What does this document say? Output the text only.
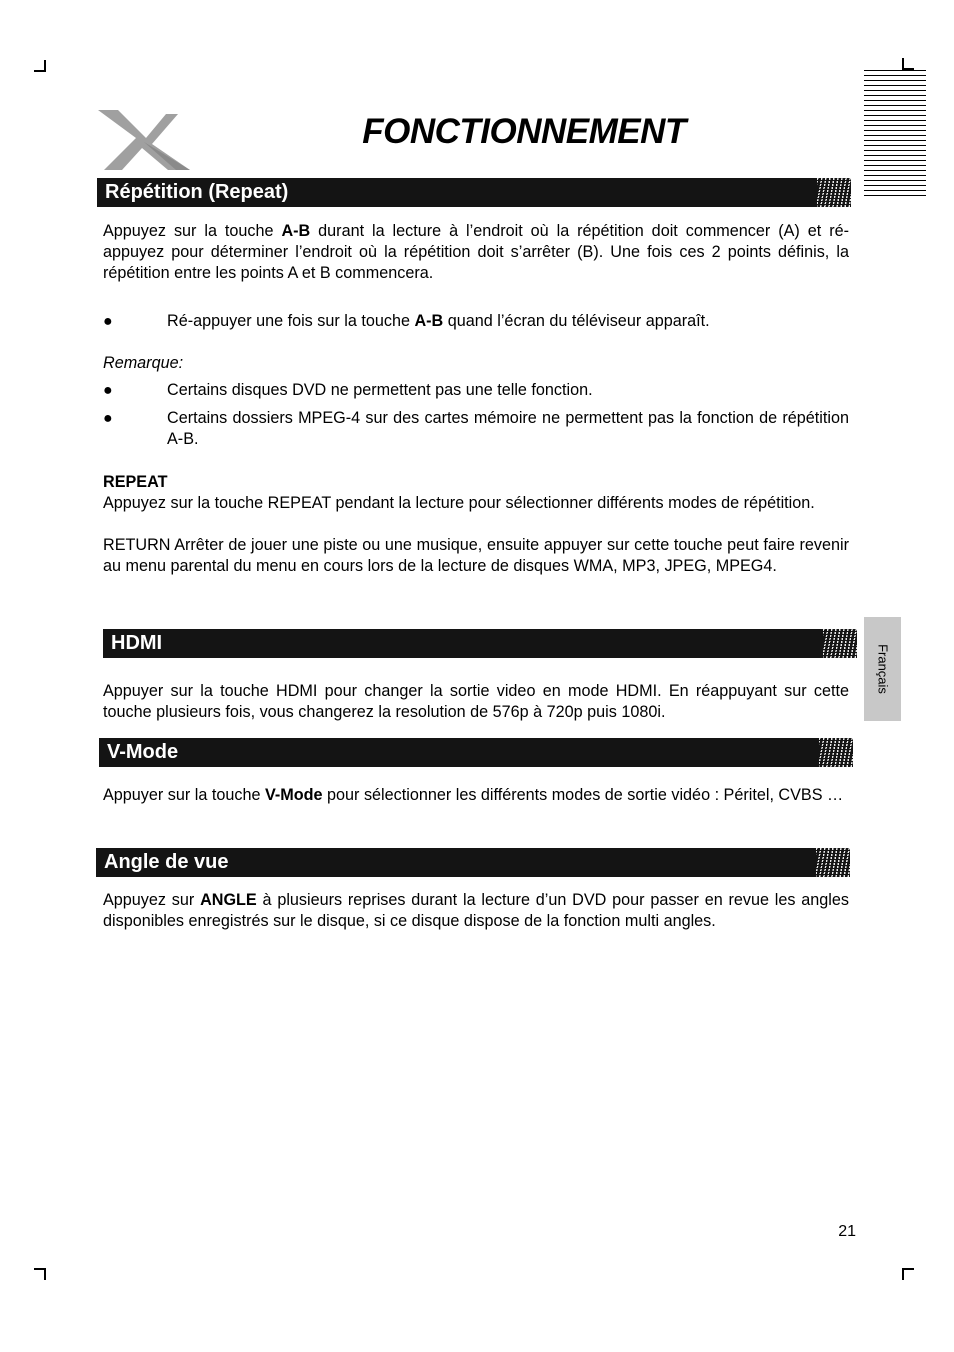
FONCTIONNEMENT
Répétition (Repeat)
Appuyez sur la touche A-B durant la lecture à l’endroit où la répétition doit commencer (A) et ré-appuyez pour déterminer l’endroit où la répétition doit s’arrêter (B). Une fois ces 2 points définis, la répétition entre les points A et B commencera.
●	Ré-appuyer une fois sur la touche A-B quand l’écran du téléviseur apparaît.
Remarque:
●	Certains disques DVD ne permettent pas une telle fonction.
●	Certains dossiers MPEG-4 sur des cartes mémoire ne permettent pas la fonction de répétition A-B.
REPEAT
Appuyez sur la touche REPEAT pendant la lecture pour sélectionner différents modes de répétition.
RETURN Arrêter de jouer une piste ou une musique, ensuite appuyer sur cette touche peut faire revenir au menu parental du menu en cours lors de la lecture de disques WMA, MP3, JPEG, MPEG4.
HDMI
Appuyer sur la touche HDMI pour changer la sortie video en mode HDMI. En réappuyant sur cette touche plusieurs fois, vous changerez la resolution de 576p à 720p puis 1080i.
V-Mode
Appuyer sur la touche V-Mode pour sélectionner les différents modes de sortie vidéo : Péritel, CVBS …
Angle de vue
Appuyez sur ANGLE à plusieurs reprises durant la lecture d’un DVD pour passer en revue les angles disponibles enregistrés sur le disque, si ce disque dispose de la fonction multi angles.
Français
21
